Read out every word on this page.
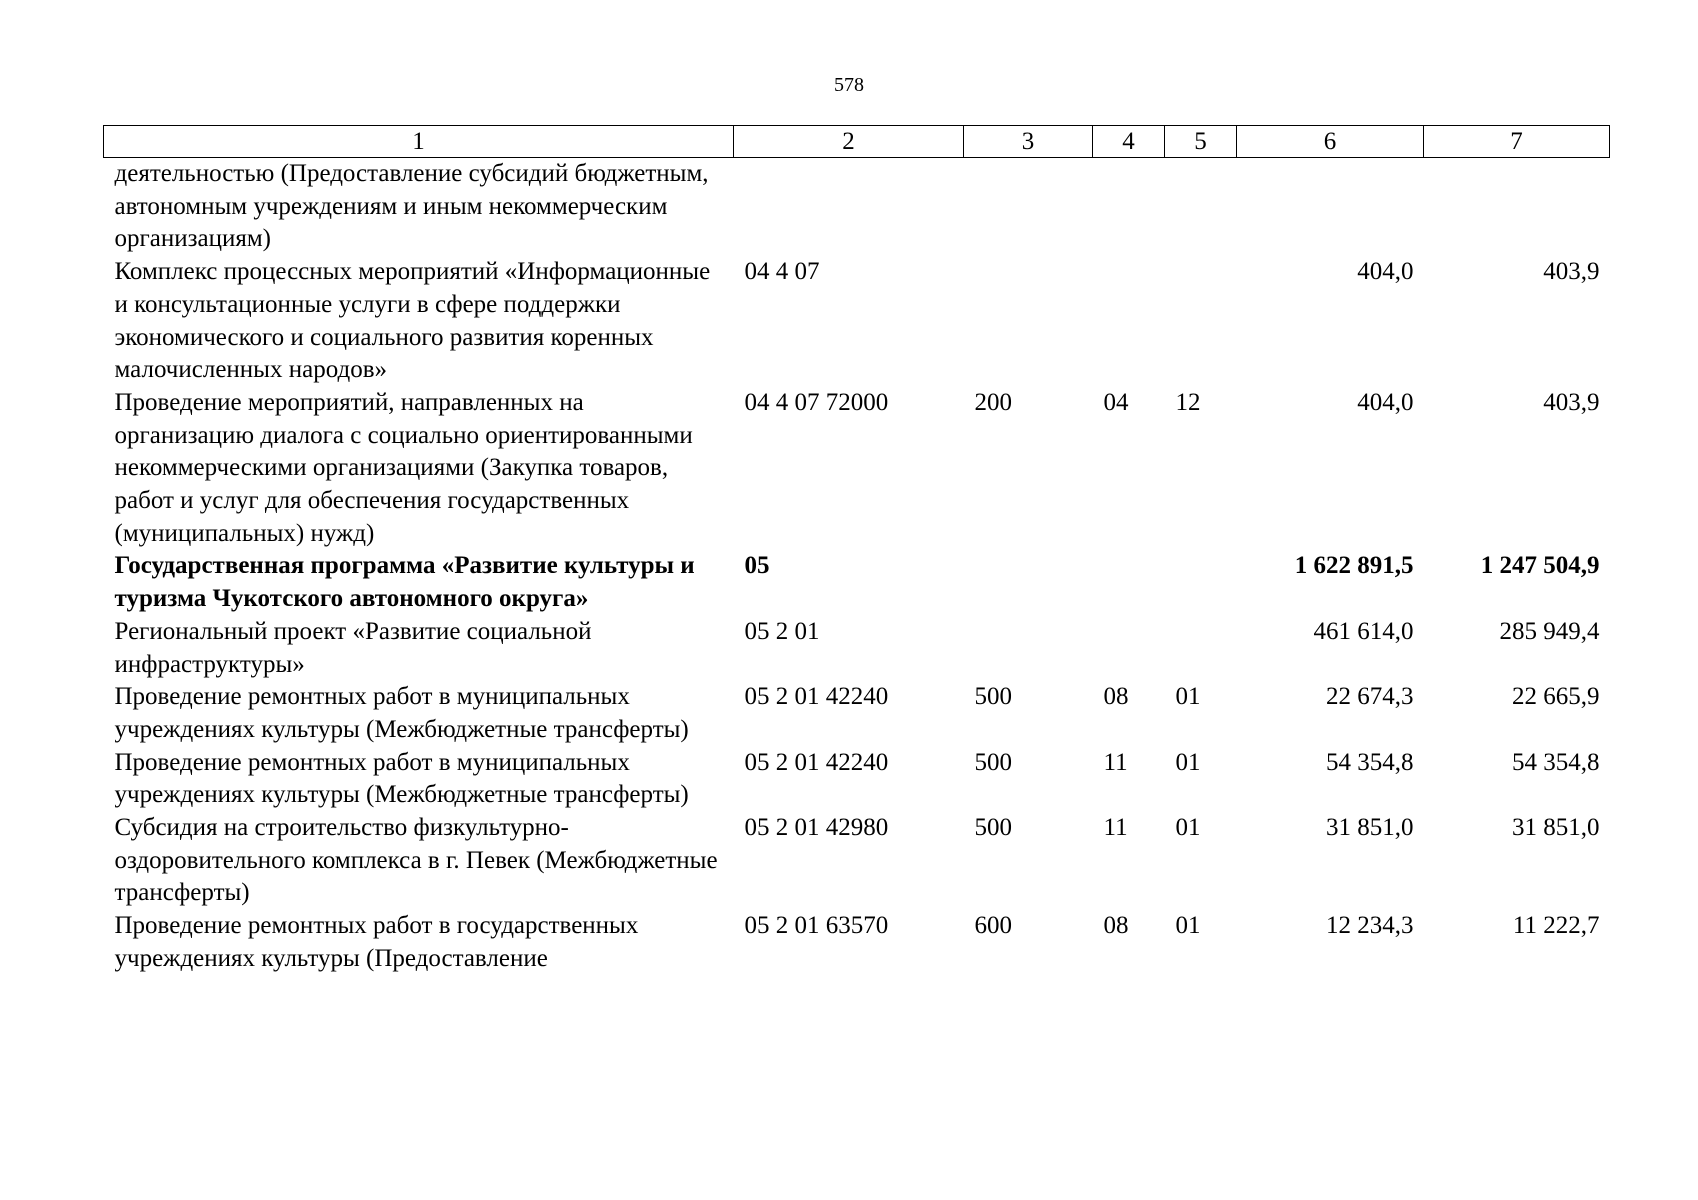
578
1	2	3	4	5	6	7
деятельностью (Предоставление субсидий бюджетным, автономным учреждениям и иным некоммерческим организациям)						
Комплекс процессных мероприятий «Информационные и консультационные услуги в сфере поддержки экономического и социального развития коренных малочисленных народов»	04 4 07				404,0	403,9
Проведение мероприятий, направленных на организацию диалога с социально ориентированными некоммерческими организациями (Закупка товаров, работ и услуг для обеспечения государственных (муниципальных) нужд)	04 4 07 72000	200	04	12	404,0	403,9
Государственная программа «Развитие культуры и туризма Чукотского автономного округа»	05				1 622 891,5	1 247 504,9
Региональный проект «Развитие социальной инфраструктуры»	05 2 01				461 614,0	285 949,4
Проведение ремонтных работ в муниципальных учреждениях культуры (Межбюджетные трансферты)	05 2 01 42240	500	08	01	22 674,3	22 665,9
Проведение ремонтных работ в муниципальных учреждениях культуры (Межбюджетные трансферты)	05 2 01 42240	500	11	01	54 354,8	54 354,8
Субсидия на строительство физкультурно-оздоровительного комплекса в г. Певек (Межбюджетные трансферты)	05 2 01 42980	500	11	01	31 851,0	31 851,0
Проведение ремонтных работ в государственных учреждениях культуры (Предоставление	05 2 01 63570	600	08	01	12 234,3	11 222,7
